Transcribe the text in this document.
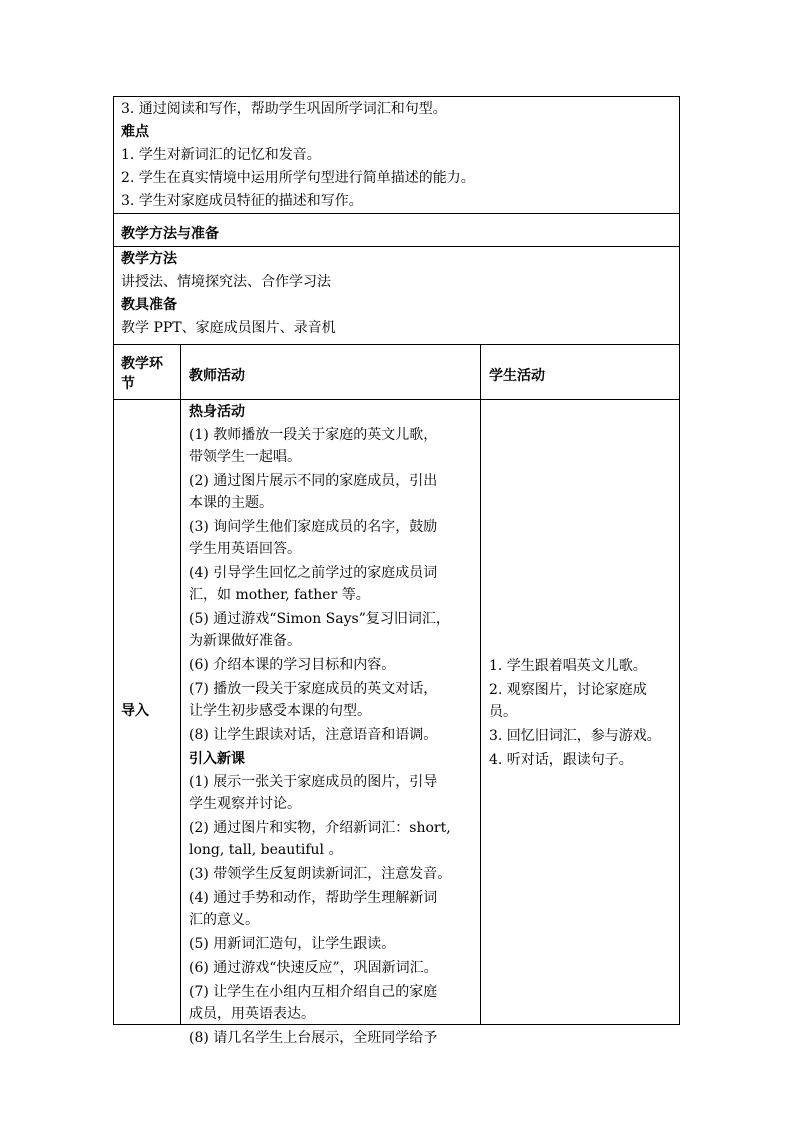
3. 通过阅读和写作，帮助学生巩固所学词汇和句型。

难点

1. 学生对新词汇的记忆和发音。

2. 学生在真实情境中运用所学句型进行简单描述的能力。

3. 学生对家庭成员特征的描述和写作。

教学方法与准备

教学方法

讲授法、情境探究法、合作学习法

教具准备

教学 PPT、家庭成员图片、录音机

教学环

节	教师活动	学生活动

导入

热身活动

(1) 教师播放一段关于家庭的英文儿歌，

带领学生一起唱。

(2) 通过图片展示不同的家庭成员，引出

本课的主题。

(3) 询问学生他们家庭成员的名字，鼓励

学生用英语回答。

(4) 引导学生回忆之前学过的家庭成员词

汇，如 mother, father 等。

(5) 通过游戏“Simon Says”复习旧词汇，

为新课做好准备。

(6) 介绍本课的学习目标和内容。

(7) 播放一段关于家庭成员的英文对话，

让学生初步感受本课的句型。

(8) 让学生跟读对话，注意语音和语调。

引入新课

(1) 展示一张关于家庭成员的图片，引导

学生观察并讨论。

(2) 通过图片和实物，介绍新词汇：short,

long, tall, beautiful 。

(3) 带领学生反复朗读新词汇，注意发音。

(4) 通过手势和动作，帮助学生理解新词

汇的意义。

(5) 用新词汇造句，让学生跟读。

(6) 通过游戏“快速反应”，巩固新词汇。

(7) 让学生在小组内互相介绍自己的家庭

成员，用英语表达。

(8) 请几名学生上台展示，全班同学给予

1. 学生跟着唱英文儿歌。

2. 观察图片，讨论家庭成

员。

3. 回忆旧词汇，参与游戏。

4. 听对话，跟读句子。
